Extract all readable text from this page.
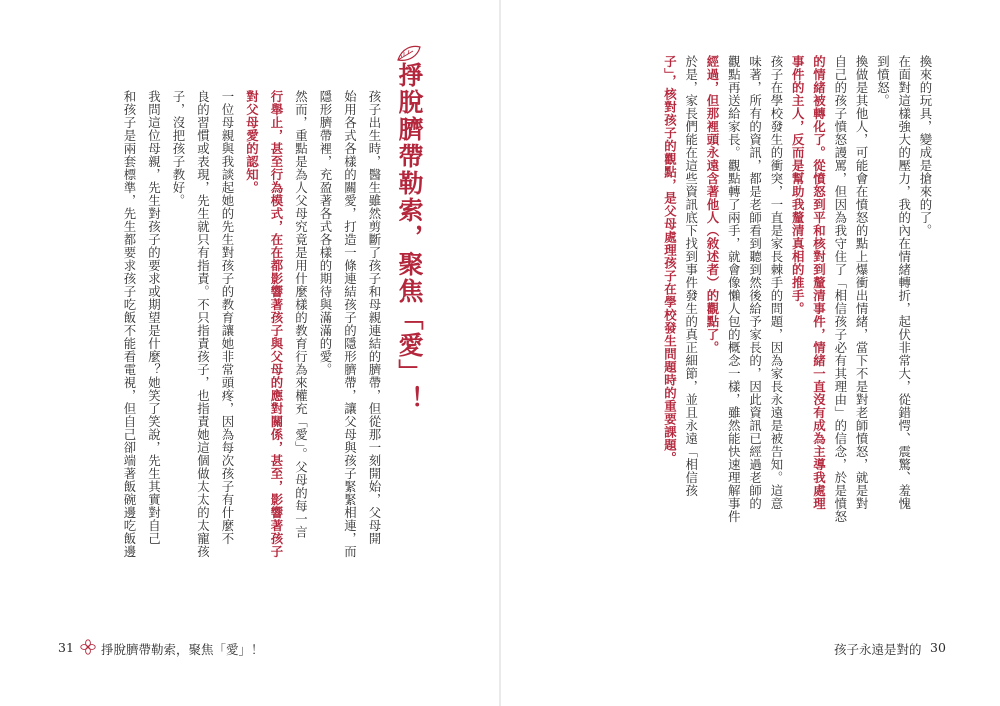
換來的玩具，變成是搶來的了。
在面對這樣強大的壓力，我的內在情緒轉折，起伏非常大，從錯愕、震驚、羞愧
到憤怒。
換做是其他人，可能會在憤怒的點上爆衝出情緒，當下不是對老師憤怒，就是對
自己的孩子憤怒謾罵，但因為我守住了「相信孩子必有其理由」的信念，於是憤怒
的情緒被轉化了。從憤怒到平和核對到釐清事件，情緒一直沒有成為主導我處理
事件的主人，反而是幫助我釐清真相的推手。
孩子在學校發生的衝突，一直是家長棘手的問題，因為家長永遠是被告知。這意
味著，所有的資訊，都是老師看到聽到然後給予家長的，因此資訊已經過老師的
觀點再送給家長。觀點轉了兩手，就會像懶人包的概念一樣，雖然能快速理解事件
經過，但那裡頭永遠含著他人（敘述者）的觀點了。
於是，家長們能在這些資訊底下找到事件發生的真正細節，並且永遠「相信孩
子」，核對孩子的觀點，是父母處理孩子在學校發生問題時的重要課題。
掙脫臍帶勒索，聚焦「愛」！
孩子出生時，醫生雖然剪斷了孩子和母親連結的臍帶，但從那一刻開始，父母開
始用各式各樣的關愛，打造一條連結孩子的隱形臍帶，讓父母與孩子緊緊相連，而
隱形臍帶裡，充盈著各式各樣的期待與滿滿的愛。
然而，重點是為人父母究竟是用什麼樣的教育行為來權充「愛」。父母的每一言
行舉止，甚至行為模式，在在都影響著孩子與父母的應對關係，甚至，影響著孩子
對父母愛的認知。
一位母親與我談起她的先生對孩子的教育讓她非常頭疼，因為每次孩子有什麼不
良的習慣或表現，先生就只有指責。不只指責孩子，也指責她這個做太太的太寵孩
子，沒把孩子教好。
我問這位母親，先生對孩子的要求或期望是什麼？她笑了笑說，先生其實對自己
和孩子是兩套標準，先生都要求孩子吃飯不能看電視，但自己卻端著飯碗邊吃飯邊
31 掙脫臍帶勒索，聚焦「愛」！	孩子永遠是對的 30
